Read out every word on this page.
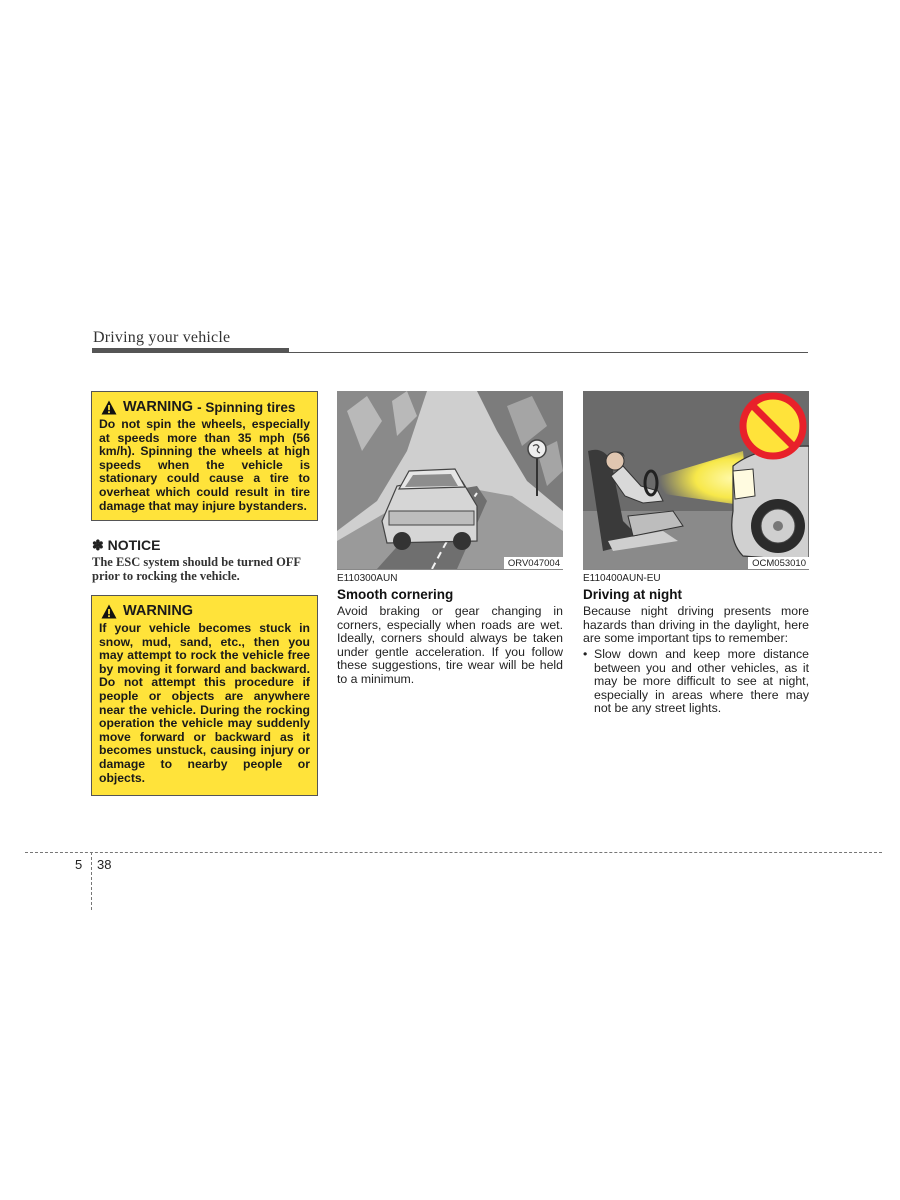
Driving your vehicle
WARNING - Spinning tires
Do not spin the wheels, especially at speeds more than 35 mph (56 km/h). Spinning the wheels at high speeds when the vehicle is stationary could cause a tire to overheat which could result in tire damage that may injure bystanders.
✽ NOTICE
The ESC system should be turned OFF prior to rocking the vehicle.
WARNING
If your vehicle becomes stuck in snow, mud, sand, etc., then you may attempt to rock the vehicle free by moving it forward and backward. Do not attempt this procedure if people or objects are anywhere near the vehicle. During the rocking operation the vehicle may suddenly move forward or backward as it becomes unstuck, causing injury or damage to nearby people or objects.
ORV047004
E110300AUN
Smooth cornering
Avoid braking or gear changing in corners, especially when roads are wet. Ideally, corners should always be taken under gentle acceleration. If you follow these suggestions, tire wear will be held to a minimum.
OCM053010
E110400AUN-EU
Driving at night
Because night driving presents more hazards than driving in the daylight, here are some important tips to remember:
• Slow down and keep more distance between you and other vehicles, as it may be more difficult to see at night, especially in areas where there may not be any street lights.
5 38
